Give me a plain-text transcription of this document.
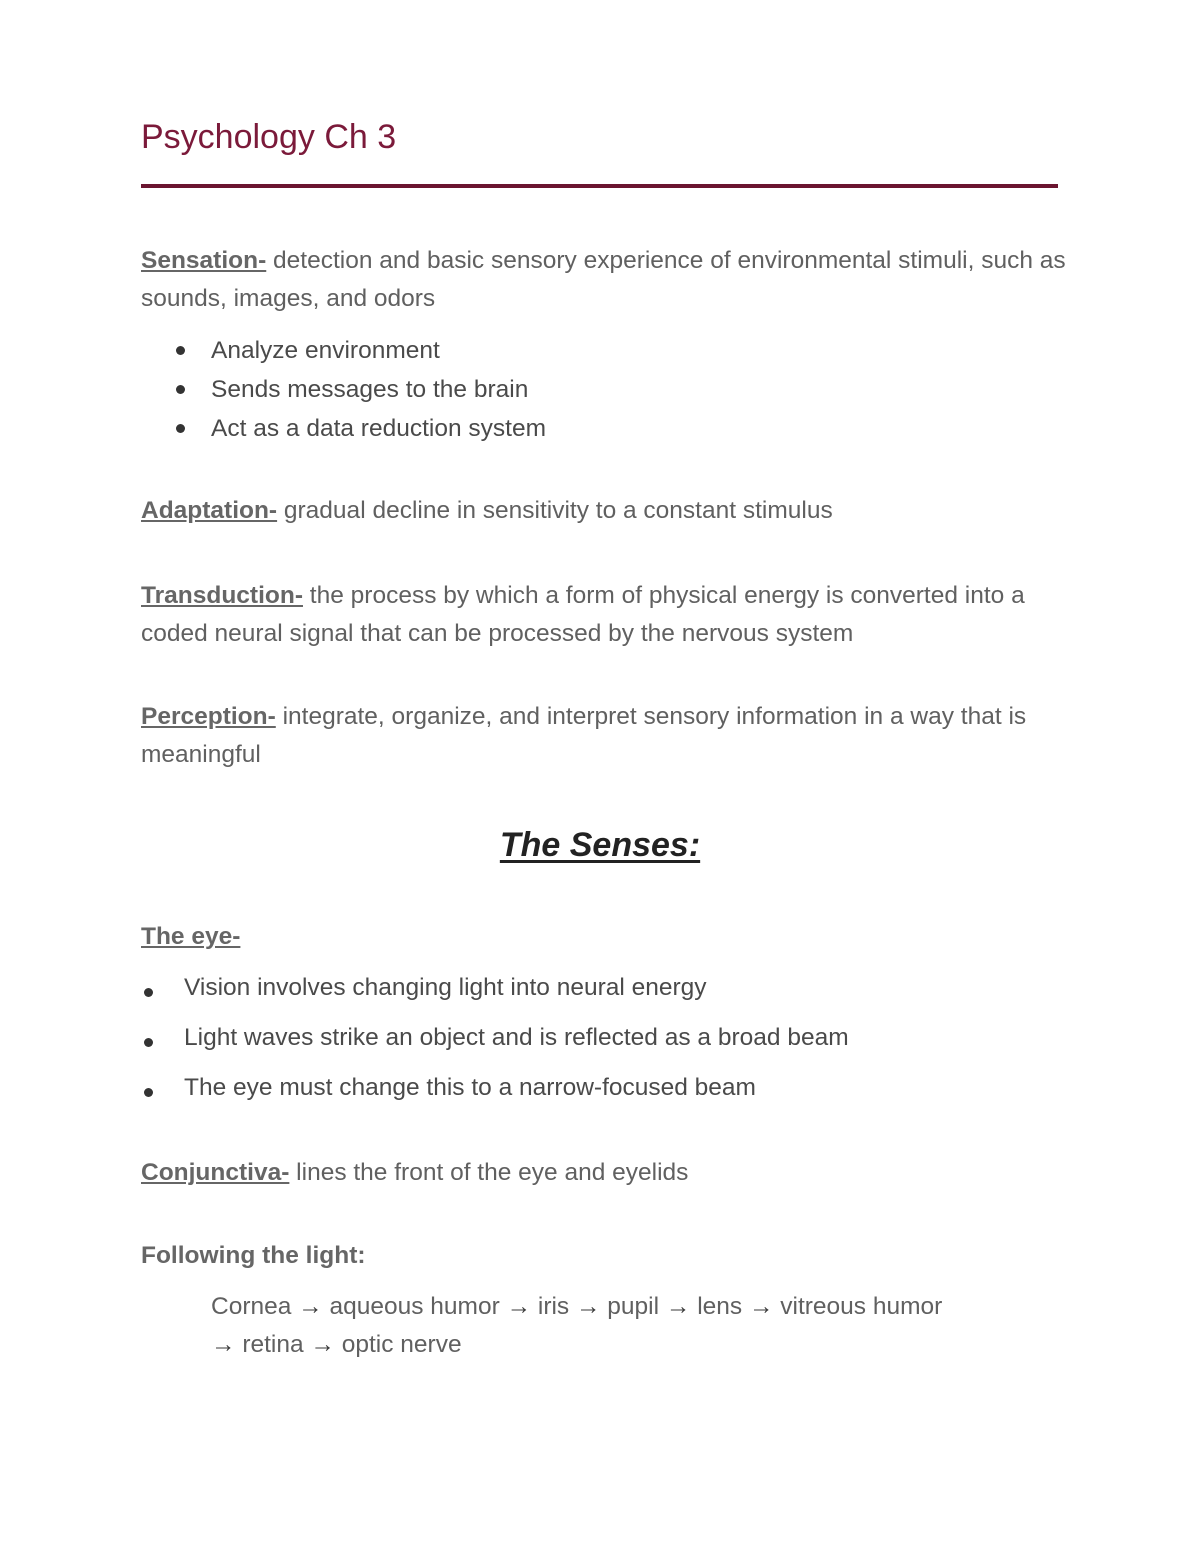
Psychology Ch 3

Sensation- detection and basic sensory experience of environmental stimuli, such as sounds, images, and odors

Analyze environment
Sends messages to the brain
Act as a data reduction system

Adaptation- gradual decline in sensitivity to a constant stimulus

Transduction- the process by which a form of physical energy is converted into a coded neural signal that can be processed by the nervous system

Perception- integrate, organize, and interpret sensory information in a way that is meaningful

The Senses:

The eye-

Vision involves changing light into neural energy
Light waves strike an object and is reflected as a broad beam
The eye must change this to a narrow-focused beam

Conjunctiva- lines the front of the eye and eyelids

Following the light:

Cornea → aqueous humor → iris → pupil → lens → vitreous humor
→ retina → optic nerve
